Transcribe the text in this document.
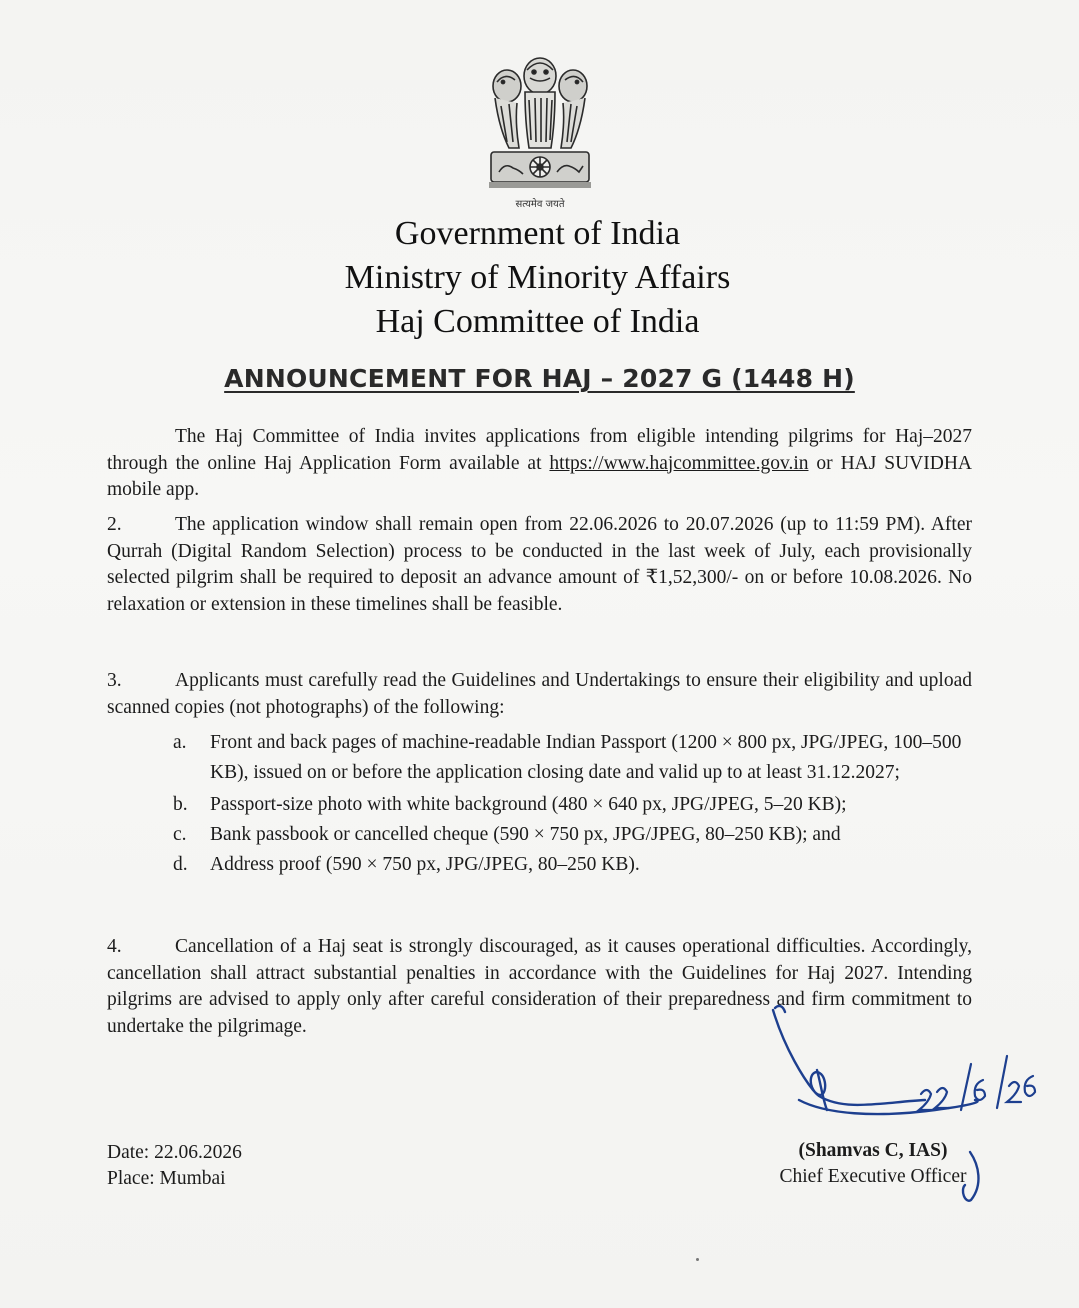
सत्यमेव जयते
Government of India
Ministry of Minority Affairs
Haj Committee of India
ANNOUNCEMENT FOR HAJ – 2027 G (1448 H)

The Haj Committee of India invites applications from eligible intending pilgrims for Haj–2027 through the online Haj Application Form available at https://www.hajcommittee.gov.in or HAJ SUVIDHA mobile app.

2.	The application window shall remain open from 22.06.2026 to 20.07.2026 (up to 11:59 PM). After Qurrah (Digital Random Selection) process to be conducted in the last week of July, each provisionally selected pilgrim shall be required to deposit an advance amount of ₹1,52,300/- on or before 10.08.2026. No relaxation or extension in these timelines shall be feasible.

3.	Applicants must carefully read the Guidelines and Undertakings to ensure their eligibility and upload scanned copies (not photographs) of the following:

a.	Front and back pages of machine-readable Indian Passport (1200 × 800 px, JPG/JPEG, 100–500 KB), issued on or before the application closing date and valid up to at least 31.12.2027;
b.	Passport-size photo with white background (480 × 640 px, JPG/JPEG, 5–20 KB);
c.	Bank passbook or cancelled cheque (590 × 750 px, JPG/JPEG, 80–250 KB); and
d.	Address proof (590 × 750 px, JPG/JPEG, 80–250 KB).

4.	Cancellation of a Haj seat is strongly discouraged, as it causes operational difficulties. Accordingly, cancellation shall attract substantial penalties in accordance with the Guidelines for Haj 2027. Intending pilgrims are advised to apply only after careful consideration of their preparedness and firm commitment to undertake the pilgrimage.

Date: 22.06.2026
Place: Mumbai
(Shamvas C, IAS)
Chief Executive Officer
